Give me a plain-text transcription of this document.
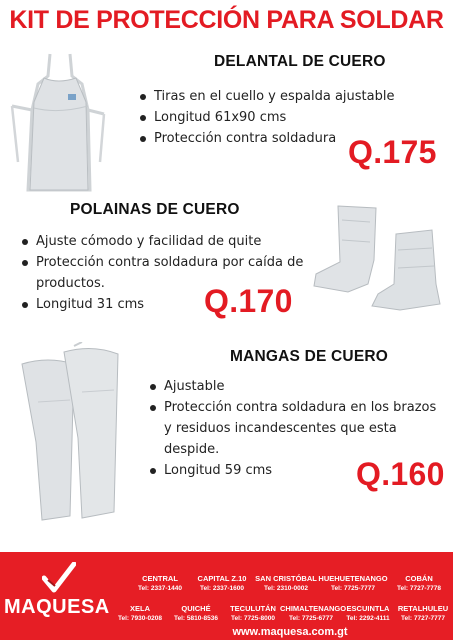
KIT DE PROTECCIÓN PARA SOLDAR
DELANTAL DE CUERO
Tiras en el cuello y espalda ajustable
Longitud 61x90 cms
Protección contra soldadura Q.175
POLAINAS DE CUERO
Ajuste cómodo y facilidad de quite
Protección contra soldadura por caída de productos.
Longitud 31 cms	Q.170
MANGAS DE CUERO
Ajustable
Protección contra soldadura en los brazos y residuos incandescentes que esta despide.
Longitud 59 cms	Q.160
MAQUESA
CENTRAL
Tel: 2337-1440
CAPITAL Z.10
Tel: 2337-1600
SAN CRISTÓBAL
Tel: 2310-0002
HUEHUETENANGO
Tel: 7725-7777
COBÁN
Tel: 7727-7778
XELA
Tel: 7930-0208
QUICHÉ
Tel: 5810-8536
TECULUTÁN
Tel: 7725-8000
CHIMALTENANGO
Tel: 7725-6777
ESCUINTLA
Tel: 2292-4111
RETALHULEU
Tel: 7727-7777
www.maquesa.com.gt
